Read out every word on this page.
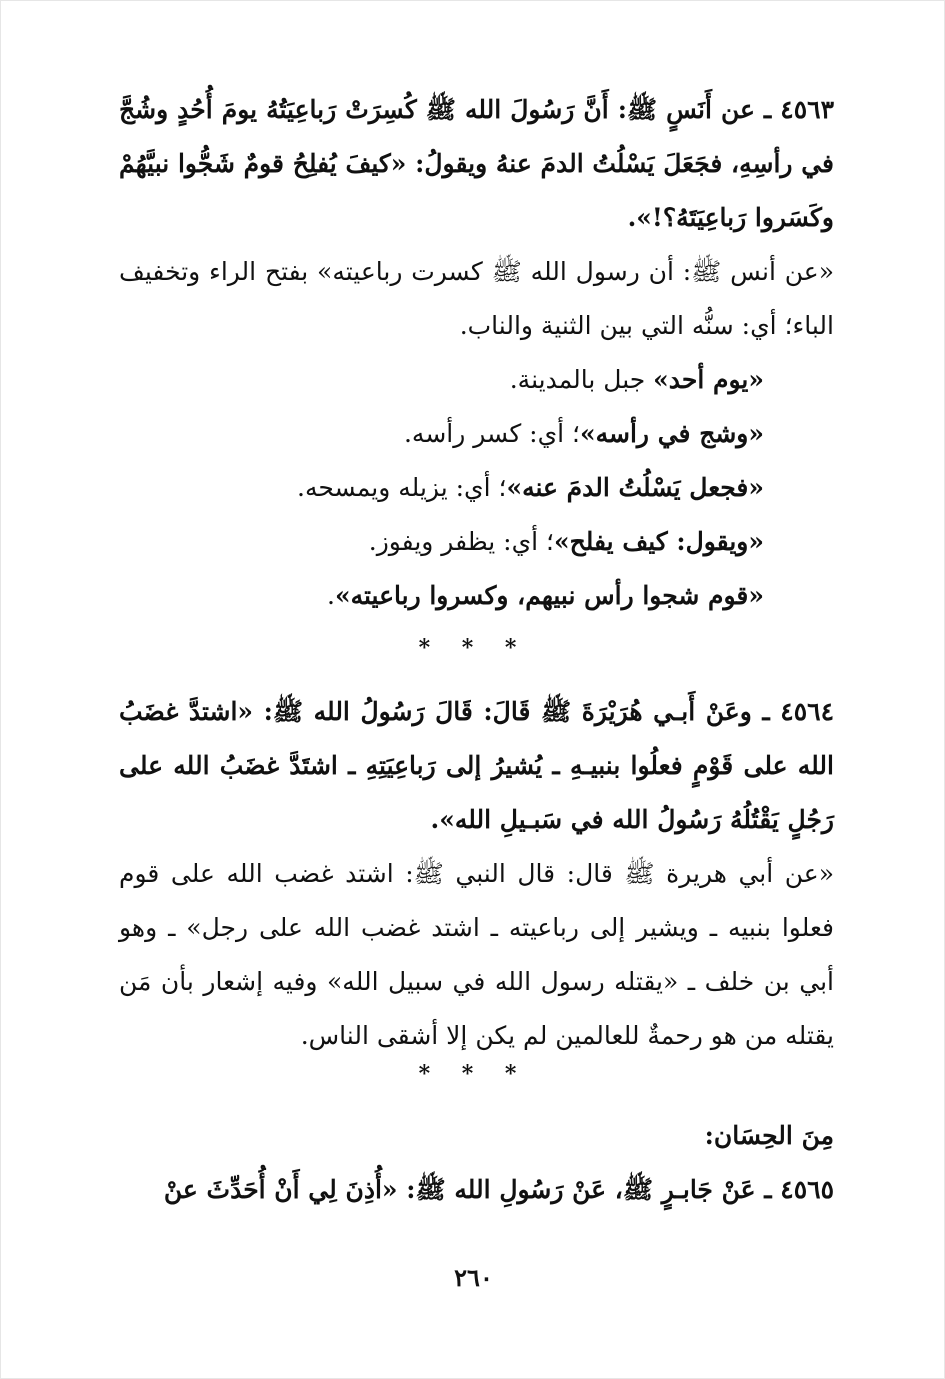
٤٥٦٣ ـ عن أَنَسٍ ﷺ: أَنَّ رَسُولَ الله ﷺ كُسِرَتْ رَباعِيَتُهُ يومَ أُحُدٍ وشُجَّ في رأسِهِ، فجَعَلَ يَسْلُتُ الدمَ عنهُ ويقولُ: «كيفَ يُفلِحُ قومٌ شَجُّوا نبيَّهُمْ وكَسَروا رَباعِيَتَهُ؟!».

«عن أنس ﷺ: أن رسول الله ﷺ كسرت رباعيته» بفتح الراء وتخفيف الباء؛ أي: سنُّه التي بين الثنية والناب.

«يوم أحد» جبل بالمدينة.
«وشج في رأسه»؛ أي: كسر رأسه.
«فجعل يَسْلُتُ الدمَ عنه»؛ أي: يزيله ويمسحه.
«ويقول: كيف يفلح»؛ أي: يظفر ويفوز.
«قوم شجوا رأس نبيهم، وكسروا رباعيته».
* * *

٤٥٦٤ ـ وعَنْ أَبـي هُرَيْرَةَ ﷺ قَالَ: قَالَ رَسُولُ الله ﷺ: «اشتدَّ غضَبُ الله على قَوْمٍ فعلُوا بنبيـهِ ـ يُشيرُ إلى رَباعِيَتِهِ ـ اشتَدَّ غضَبُ الله على رَجُلٍ يَقْتُلُهُ رَسُولُ الله في سَبـيلِ الله».

«عن أبي هريرة ﷺ قال: قال النبي ﷺ: اشتد غضب الله على قوم فعلوا بنبيه ـ ويشير إلى رباعيته ـ اشتد غضب الله على رجل» ـ وهو أبي بن خلف ـ «يقتله رسول الله في سبيل الله» وفيه إشعار بأن مَن يقتله من هو رحمةٌ للعالمين لم يكن إلا أشقى الناس.

* * *
مِنَ الحِسَان:
٤٥٦٥ ـ عَنْ جَابـرٍ ﷺ، عَنْ رَسُولِ الله ﷺ: «أُذِنَ لِي أَنْ أُحَدِّثَ عنْ
٢٦٠
